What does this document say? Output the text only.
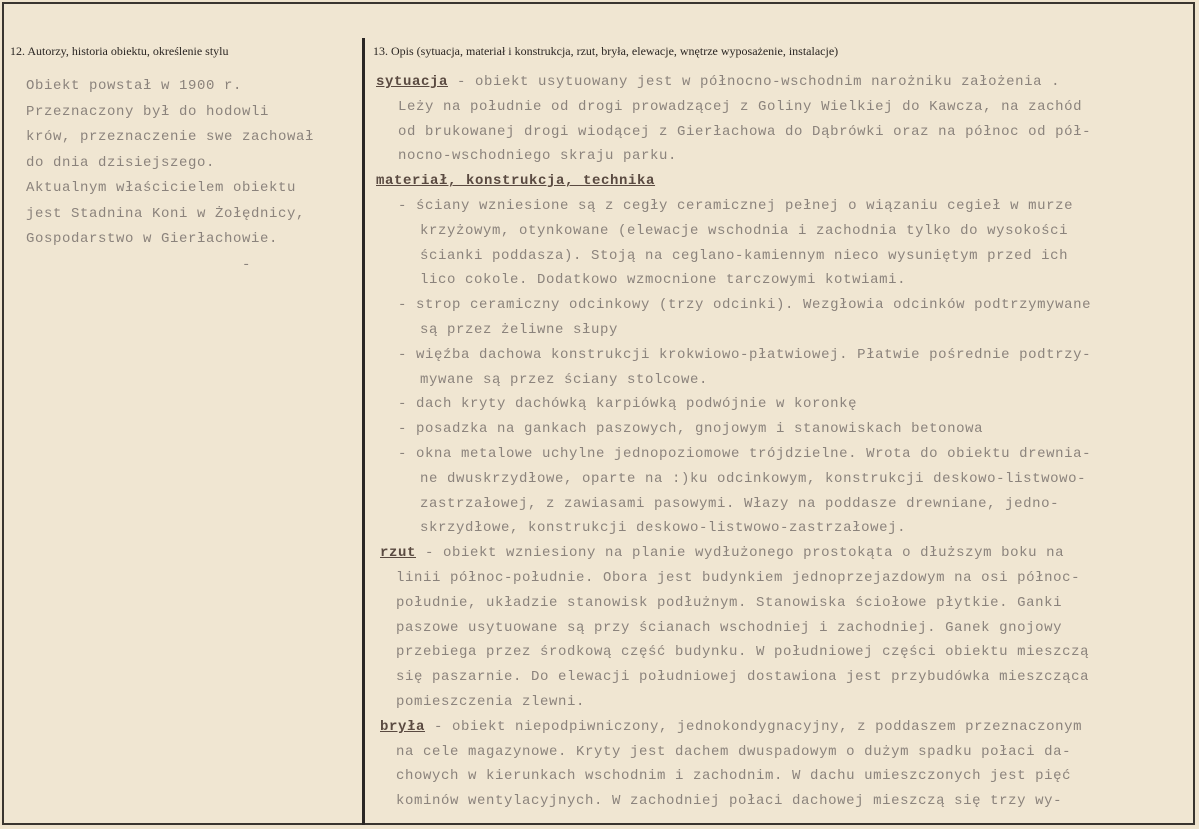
12. Autorzy, historia obiektu, określenie stylu	13. Opis (sytuacja, materiał i konstrukcja, rzut, bryła, elewacje, wnętrze wyposażenie, instalacje)
Obiekt powstał w 1900 r.
Przeznaczony był do hodowli
krów, przeznaczenie swe zachował
do dnia dzisiejszego.
Aktualnym właścicielem obiektu
jest Stadnina Koni w Żołędnicy,
Gospodarstwo w Gierłachowie.
-
sytuacja - obiekt usytuowany jest w północno-wschodnim narożniku założenia .
Leży na południe od drogi prowadzącej z Goliny Wielkiej do Kawcza, na zachód
od brukowanej drogi wiodącej z Gierłachowa do Dąbrówki oraz na północ od pół-
nocno-wschodniego skraju parku.
materiał, konstrukcja, technika
- ściany wzniesione są z cegły ceramicznej pełnej o wiązaniu cegieł w murze
krzyżowym, otynkowane (elewacje wschodnia i zachodnia tylko do wysokości
ścianki poddasza). Stoją na ceglano-kamiennym nieco wysuniętym przed ich
lico cokole. Dodatkowo wzmocnione tarczowymi kotwiami.
- strop ceramiczny odcinkowy (trzy odcinki). Wezgłowia odcinków podtrzymywane
są przez żeliwne słupy
- więźba dachowa konstrukcji krokwiowo-płatwiowej. Płatwie pośrednie podtrzy-
mywane są przez ściany stolcowe.
- dach kryty dachówką karpiówką podwójnie w koronkę
- posadzka na gankach paszowych, gnojowym i stanowiskach betonowa
- okna metalowe uchylne jednopoziomowe trójdzielne. Wrota do obiektu drewnia-
ne dwuskrzydłowe, oparte na :)ku odcinkowym, konstrukcji deskowo-listwowo-
zastrzałowej, z zawiasami pasowymi. Włazy na poddasze drewniane, jedno-
skrzydłowe, konstrukcji deskowo-listwowo-zastrzałowej.
rzut - obiekt wzniesiony na planie wydłużonego prostokąta o dłuższym boku na
linii północ-południe. Obora jest budynkiem jednoprzejazdowym na osi północ-
południe, układzie stanowisk podłużnym. Stanowiska ściołowe płytkie. Ganki
paszowe usytuowane są przy ścianach wschodniej i zachodniej. Ganek gnojowy
przebiega przez środkową część budynku. W południowej części obiektu mieszczą
się paszarnie. Do elewacji południowej dostawiona jest przybudówka mieszcząca
pomieszczenia zlewni.
bryła - obiekt niepodpiwniczony, jednokondygnacyjny, z poddaszem przeznaczonym
na cele magazynowe. Kryty jest dachem dwuspadowym o dużym spadku połaci da-
chowych w kierunkach wschodnim i zachodnim. W dachu umieszczonych jest pięć
kominów wentylacyjnych. W zachodniej połaci dachowej mieszczą się trzy wy-
